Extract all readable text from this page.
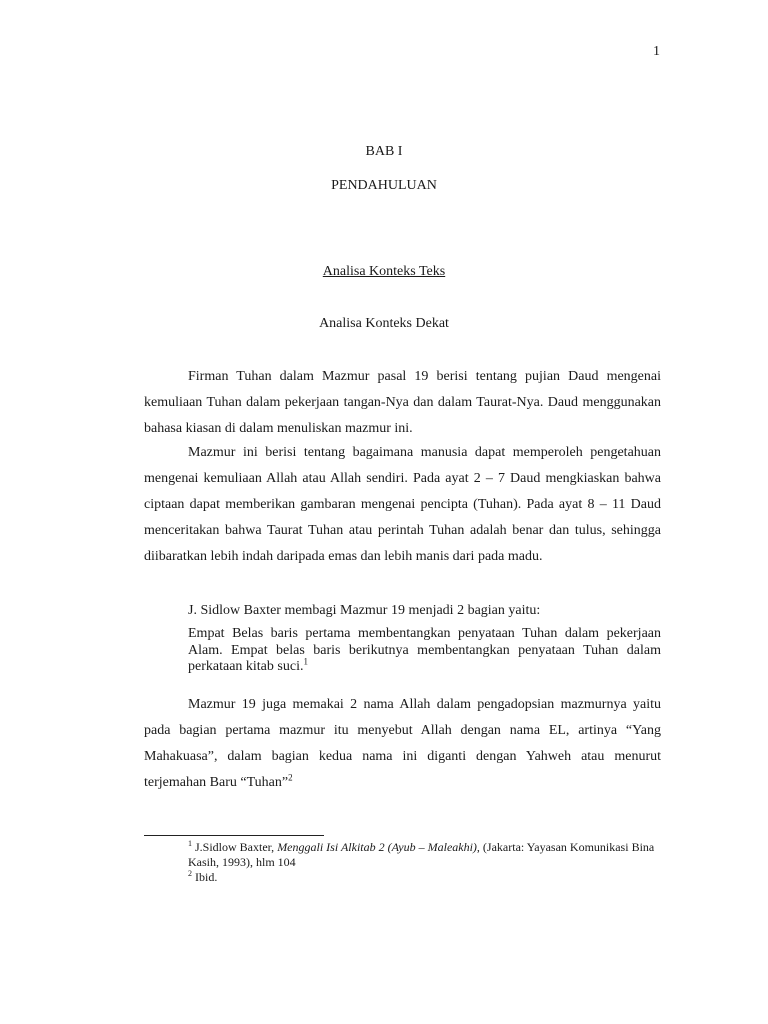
1
BAB I
PENDAHULUAN
Analisa Konteks Teks
Analisa Konteks Dekat

Firman Tuhan dalam Mazmur pasal 19 berisi tentang pujian Daud mengenai kemuliaan Tuhan dalam pekerjaan tangan-Nya dan dalam Taurat-Nya. Daud menggunakan bahasa kiasan di dalam menuliskan mazmur ini.

Mazmur ini berisi tentang bagaimana manusia dapat memperoleh pengetahuan mengenai kemuliaan Allah atau Allah sendiri. Pada ayat 2 – 7 Daud mengkiaskan bahwa ciptaan dapat memberikan gambaran mengenai pencipta (Tuhan). Pada ayat 8 – 11 Daud menceritakan bahwa Taurat Tuhan atau perintah Tuhan adalah benar dan tulus, sehingga diibaratkan lebih indah daripada emas dan lebih manis dari pada madu.

J. Sidlow Baxter membagi Mazmur 19 menjadi 2 bagian yaitu:

Empat Belas baris pertama membentangkan penyataan Tuhan dalam pekerjaan Alam. Empat belas baris berikutnya membentangkan penyataan Tuhan dalam perkataan kitab suci.$^1$

Mazmur 19 juga memakai 2 nama Allah dalam pengadopsian mazmurnya yaitu pada bagian pertama mazmur itu menyebut Allah dengan nama EL, artinya “Yang Mahakuasa”, dalam bagian kedua nama ini diganti dengan Yahweh atau menurut terjemahan Baru “Tuhan”$^2$

$^1$ J.Sidlow Baxter, Menggali Isi Alkitab 2 (Ayub – Maleakhi), (Jakarta: Yayasan Komunikasi Bina Kasih, 1993), hlm 104

$^2$ Ibid.
